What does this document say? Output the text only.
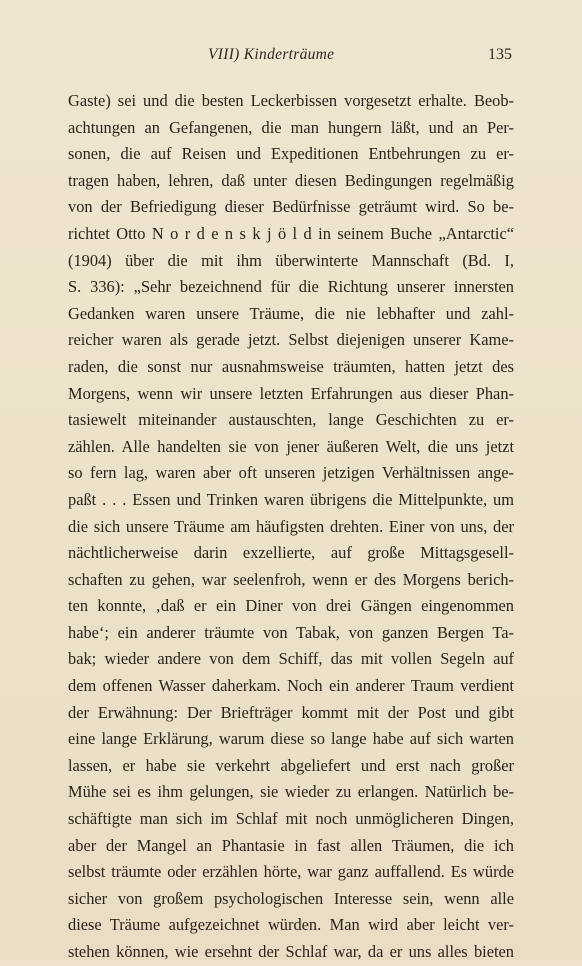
VIII) Kinderträume	135
Gaste) sei und die besten Leckerbissen vorgesetzt erhalte. Beob-
achtungen an Gefangenen, die man hungern läßt, und an Per-
sonen, die auf Reisen und Expeditionen Entbehrungen zu er-
tragen haben, lehren, daß unter diesen Bedingungen regelmäßig
von der Befriedigung dieser Bedürfnisse geträumt wird. So be-
richtet Otto N o r d e n s k j ö l d in seinem Buche „Antarctic“
(1904) über die mit ihm überwinterte Mannschaft (Bd. I,
S. 336): „Sehr bezeichnend für die Richtung unserer innersten
Gedanken waren unsere Träume, die nie lebhafter und zahl-
reicher waren als gerade jetzt. Selbst diejenigen unserer Kame-
raden, die sonst nur ausnahmsweise träumten, hatten jetzt des
Morgens, wenn wir unsere letzten Erfahrungen aus dieser Phan-
tasiewelt miteinander austauschten, lange Geschichten zu er-
zählen. Alle handelten sie von jener äußeren Welt, die uns jetzt
so fern lag, waren aber oft unseren jetzigen Verhältnissen ange-
paßt . . . Essen und Trinken waren übrigens die Mittelpunkte, um
die sich unsere Träume am häufigsten drehten. Einer von uns, der
nächtlicherweise darin exzellierte, auf große Mittagsgesell-
schaften zu gehen, war seelenfroh, wenn er des Morgens berich-
ten konnte, ‚daß er ein Diner von drei Gängen eingenommen
habe‘; ein anderer träumte von Tabak, von ganzen Bergen Ta-
bak; wieder andere von dem Schiff, das mit vollen Segeln auf
dem offenen Wasser daherkam. Noch ein anderer Traum verdient
der Erwähnung: Der Briefträger kommt mit der Post und gibt
eine lange Erklärung, warum diese so lange habe auf sich warten
lassen, er habe sie verkehrt abgeliefert und erst nach großer
Mühe sei es ihm gelungen, sie wieder zu erlangen. Natürlich be-
schäftigte man sich im Schlaf mit noch unmöglicheren Dingen,
aber der Mangel an Phantasie in fast allen Träumen, die ich
selbst träumte oder erzählen hörte, war ganz auffallend. Es würde
sicher von großem psychologischen Interesse sein, wenn alle
diese Träume aufgezeichnet würden. Man wird aber leicht ver-
stehen können, wie ersehnt der Schlaf war, da er uns alles bieten
